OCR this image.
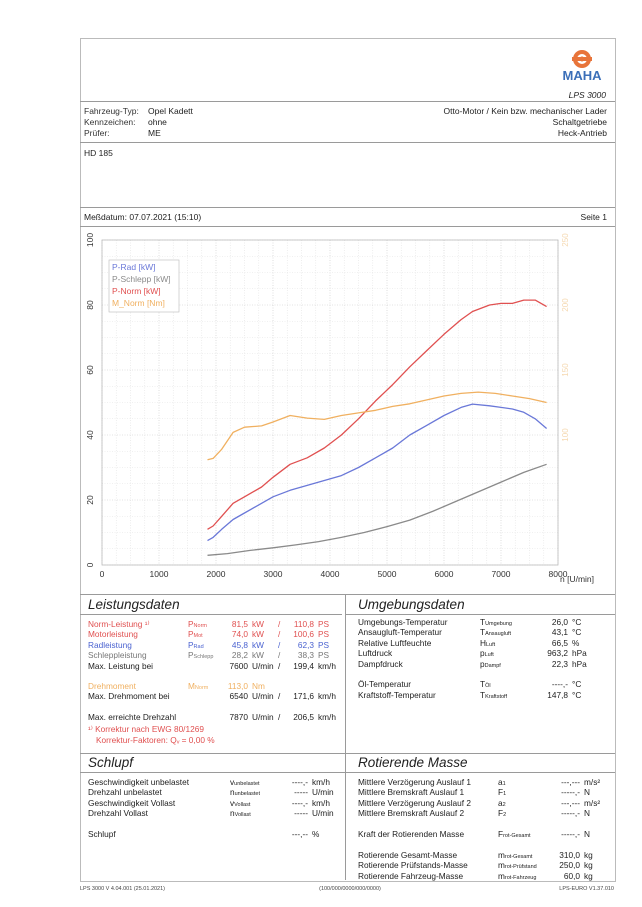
MAHA
LPS 3000
Fahrzeug-Typ: Opel Kadett
Kennzeichen: ohne
Prüfer:	ME
Otto-Motor / Kein bzw. mechanischer Lader
Schaltgetriebe
Heck-Antrieb
HD 185
Meßdatum: 07.07.2021 (15:10)	Seite 1
0	1000	2000	3000	4000	5000	6000	7000	8000
n [U/min]
0
20
40
60
80
100
100
150
200
250
P-Rad [kW]
P-Schlepp [kW]
P-Norm [kW]
M_Norm [Nm]
Leistungsdaten
Norm-Leistung ¹⁾	PNorm	81,5 kW /	110,8 PS
Motorleistung	PMot	74,0 kW /	100,6 PS
Radleistung	PRad	45,8 kW /	62,3 PS
Schleppleistung	PSchlepp	28,2 kW /	38,3 PS
Max. Leistung bei	7600 U/min /	199,4 km/h
Drehmoment	MNorm	113,0 Nm
Max. Drehmoment bei	6540 U/min /	171,6 km/h
Max. erreichte Drehzahl	7870 U/min /	206,5 km/h
¹⁾ Korrektur nach EWG 80/1269
Korrektur-Faktoren: Qᵥ = 0,00 %
Umgebungsdaten
Umgebungs-Temperatur	TUmgebung	26,0 °C
Ansaugluft-Temperatur	TAnsaugluft	43,1 °C
Relative Luftfeuchte	HLuft	66,5 %
Luftdruck	pLuft	963,2 hPa
Dampfdruck	pDampf	22,3 hPa
Öl-Temperatur	TÖl	----,- °C
Kraftstoff-Temperatur	TKraftstoff	147,8 °C
Schlupf
Geschwindigkeit unbelastet	vunbelastet	----,- km/h
Drehzahl unbelastet	nunbelastet	----- U/min
Geschwindigkeit Vollast	vVollast	----,- km/h
Drehzahl Vollast	nVollast	----- U/min
Schlupf	---,-- %
Rotierende Masse
Mittlere Verzögerung Auslauf 1	a1	---,--- m/s²
Mittlere Bremskraft Auslauf 1	F1	-----,- N
Mittlere Verzögerung Auslauf 2	a2	---,--- m/s²
Mittlere Bremskraft Auslauf 2	F2	-----,- N
Kraft der Rotierenden Masse	Frot-Gesamt	-----,- N
Rotierende Gesamt-Masse	mrot-Gesamt	310,0 kg
Rotierende Prüfstands-Masse	mrot-Prüfstand	250,0 kg
Rotierende Fahrzeug-Masse	mrot-Fahrzeug	60,0 kg
LPS 3000 V 4.04.001 (25.01.2021)	(100/000/0000/000/0000)	LPS-EURO V1.37.010
